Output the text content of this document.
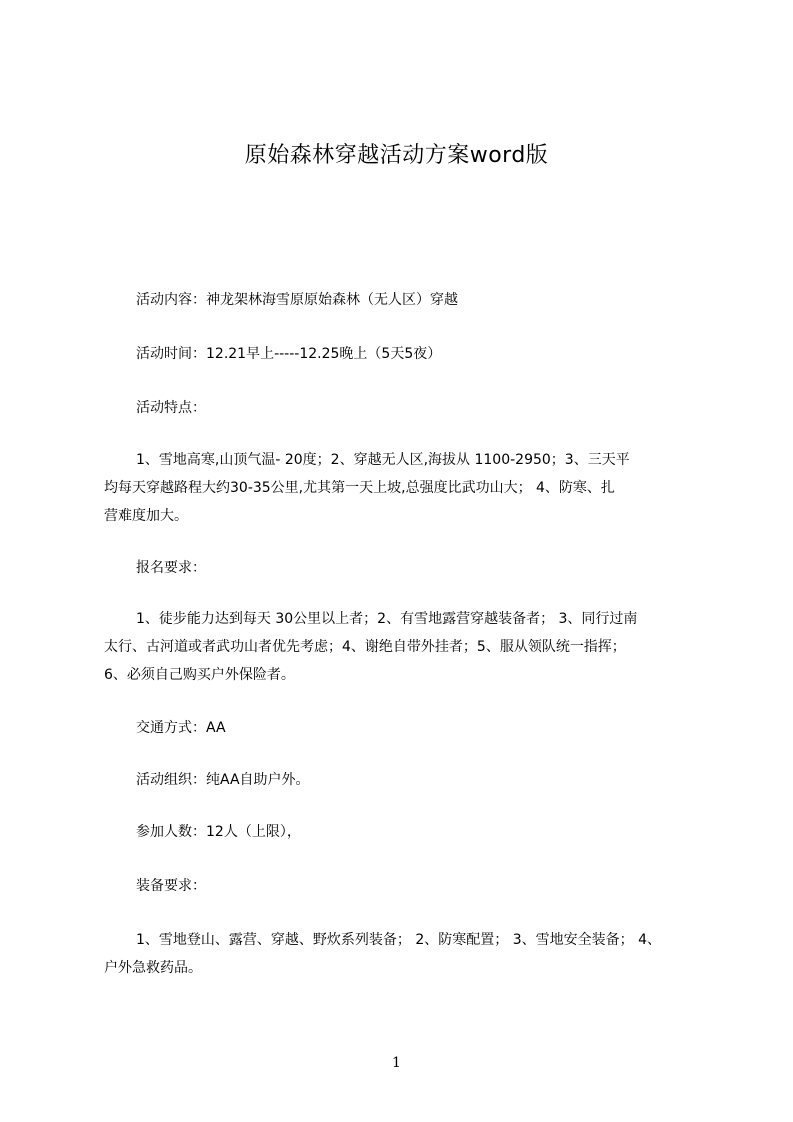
原始森林穿越活动方案word版
活动内容：神龙架林海雪原原始森林（无人区）穿越
活动时间：12.21早上-----12.25晚上（5天5夜）
活动特点：
1、雪地高寒,山顶气温- 20度；2、穿越无人区,海拔从 1100-2950；3、三天平
均每天穿越路程大约30-35公里,尤其第一天上坡,总强度比武功山大； 4、防寒、扎
营难度加大。
报名要求：
1、徒步能力达到每天 30公里以上者；2、有雪地露营穿越装备者； 3、同行过南
太行、古河道或者武功山者优先考虑；4、谢绝自带外挂者；5、服从领队统一指挥；
6、必须自己购买户外保险者。
交通方式：AA
活动组织：纯AA自助户外。
参加人数：12人（上限），
装备要求：
1、雪地登山、露营、穿越、野炊系列装备； 2、防寒配置； 3、雪地安全装备； 4、
户外急救药品。
1
